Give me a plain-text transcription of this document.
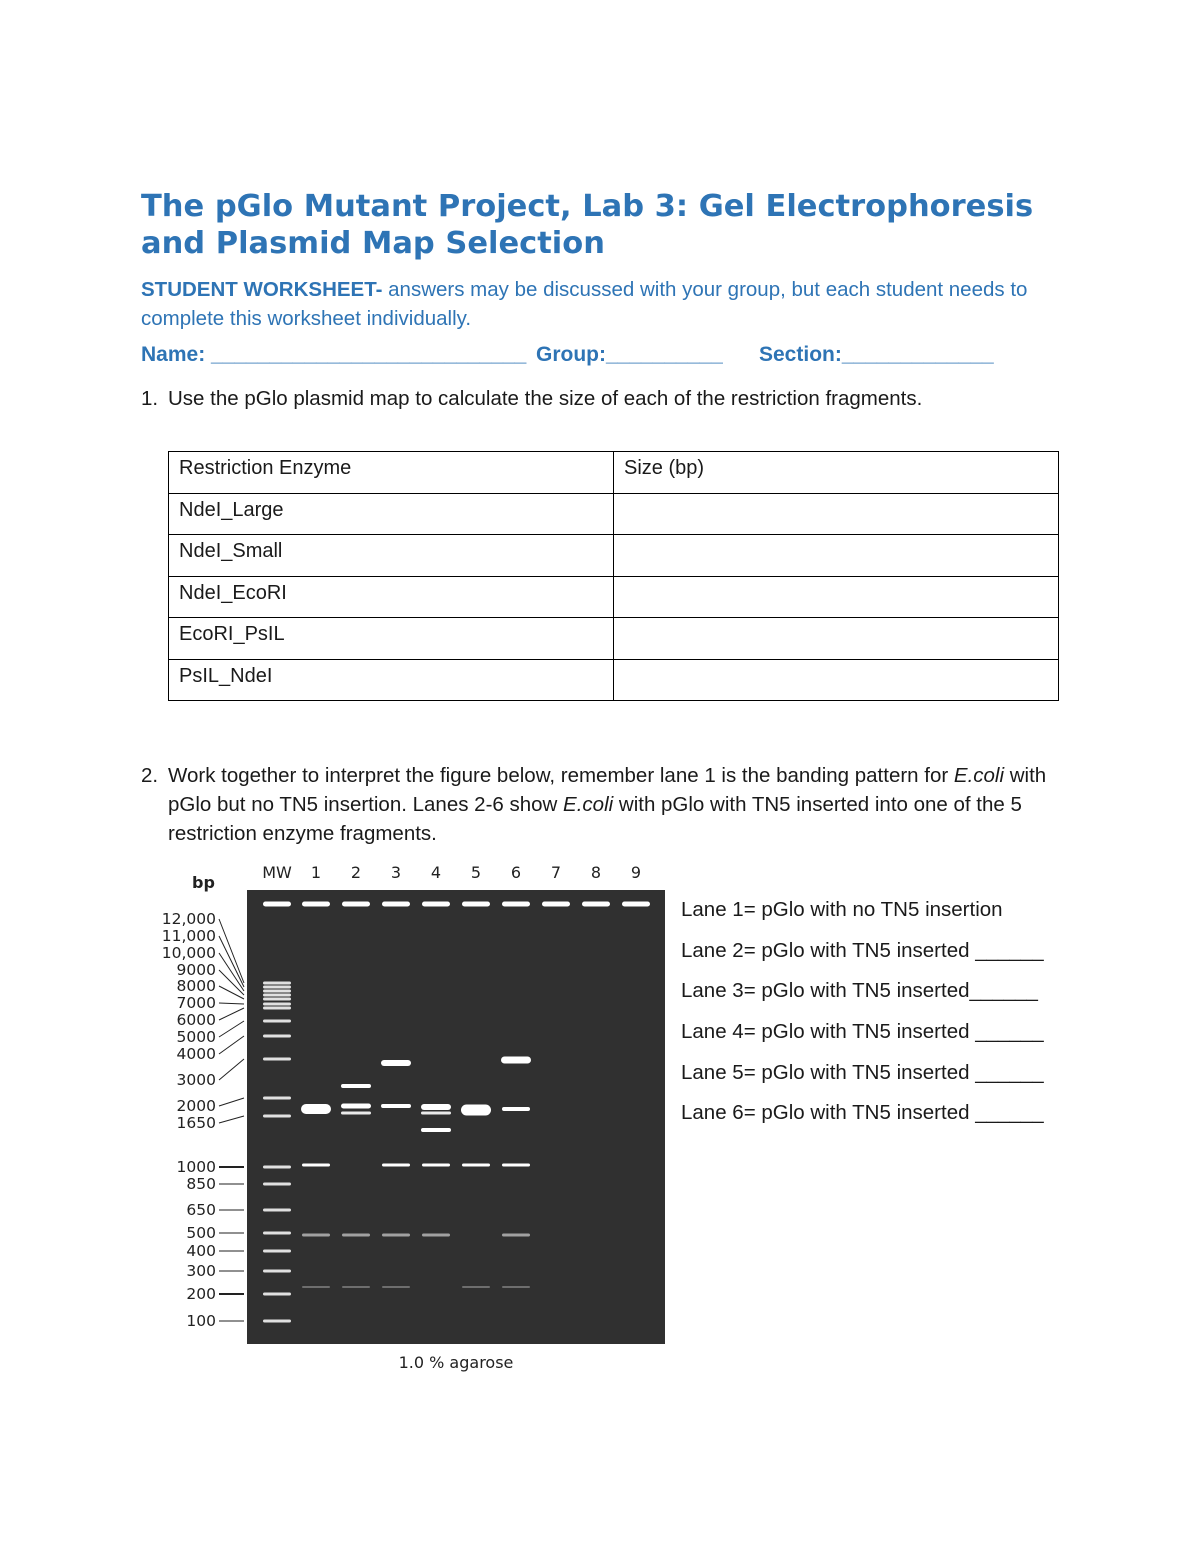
The pGlo Mutant Project, Lab 3: Gel Electrophoresis and Plasmid Map Selection
STUDENT WORKSHEET- answers may be discussed with your group, but each student needs to complete this worksheet individually.
Name: ___________________________ Group:__________ Section:_____________
1. Use the pGlo plasmid map to calculate the size of each of the restriction fragments.
Restriction Enzyme	Size (bp)
NdeI_Large	
NdeI_Small	
NdeI_EcoRI	
EcoRI_PsIL	
PsIL_NdeI	
2. Work together to interpret the figure below, remember lane 1 is the banding pattern for E.coli with pGlo but no TN5 insertion. Lanes 2-6 show E.coli with pGlo with TN5 inserted into one of the 5 restriction enzyme fragments.
bp
MW 1 2 3 4 5 6 7 8 9
12,000
11,000
10,000
9000
8000
7000
6000
5000
4000
3000
2000
1650
1000
850
650
500
400
300
200
100
1.0 % agarose
Lane 1= pGlo with no TN5 insertion
Lane 2= pGlo with TN5 inserted ______
Lane 3= pGlo with TN5 inserted______
Lane 4= pGlo with TN5 inserted ______
Lane 5= pGlo with TN5 inserted ______
Lane 6= pGlo with TN5 inserted ______
